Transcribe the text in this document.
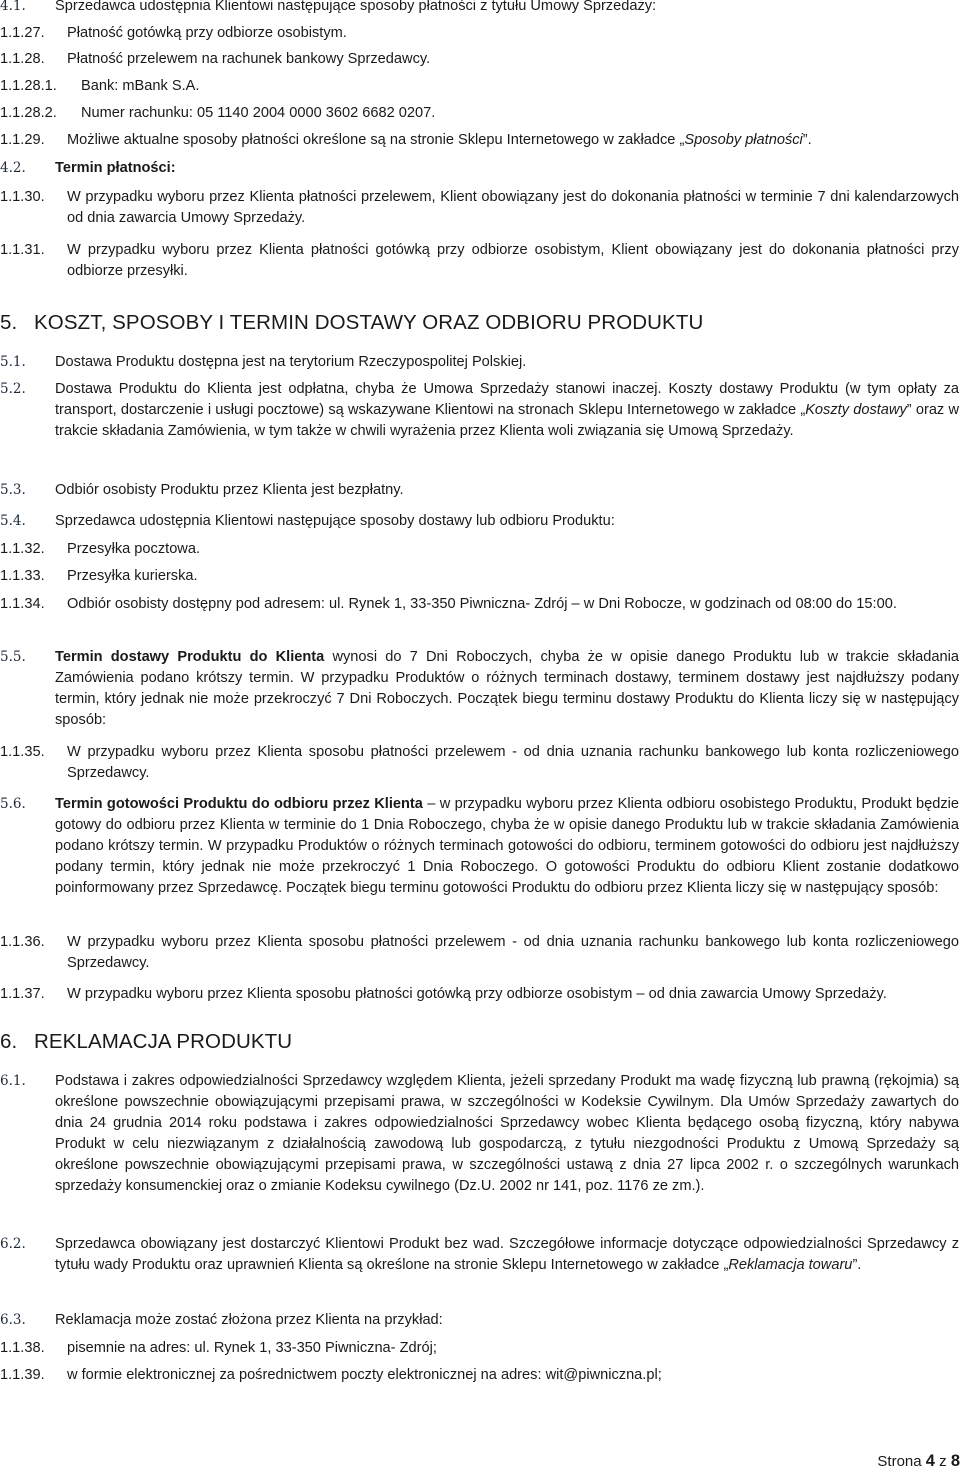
4.1. Sprzedawca udostępnia Klientowi następujące sposoby płatności z tytułu Umowy Sprzedaży:
1.1.27. Płatność gotówką przy odbiorze osobistym.
1.1.28. Płatność przelewem na rachunek bankowy Sprzedawcy.
1.1.28.1. Bank: mBank S.A.
1.1.28.2. Numer rachunku: 05 1140 2004 0000 3602 6682 0207.
1.1.29. Możliwe aktualne sposoby płatności określone są na stronie Sklepu Internetowego w zakładce „Sposoby płatności”.
4.2. Termin płatności:
1.1.30. W przypadku wyboru przez Klienta płatności przelewem, Klient obowiązany jest do dokonania płatności w terminie 7 dni kalendarzowych od dnia zawarcia Umowy Sprzedaży.
1.1.31. W przypadku wyboru przez Klienta płatności gotówką przy odbiorze osobistym, Klient obowiązany jest do dokonania płatności przy odbiorze przesyłki.
5. KOSZT, SPOSOBY I TERMIN DOSTAWY ORAZ ODBIORU PRODUKTU
5.1. Dostawa Produktu dostępna jest na terytorium Rzeczypospolitej Polskiej.
5.2. Dostawa Produktu do Klienta jest odpłatna, chyba że Umowa Sprzedaży stanowi inaczej. Koszty dostawy Produktu (w tym opłaty za transport, dostarczenie i usługi pocztowe) są wskazywane Klientowi na stronach Sklepu Internetowego w zakładce „Koszty dostawy” oraz w trakcie składania Zamówienia, w tym także w chwili wyrażenia przez Klienta woli związania się Umową Sprzedaży.
5.3. Odbiór osobisty Produktu przez Klienta jest bezpłatny.
5.4. Sprzedawca udostępnia Klientowi następujące sposoby dostawy lub odbioru Produktu:
1.1.32. Przesyłka pocztowa.
1.1.33. Przesyłka kurierska.
1.1.34. Odbiór osobisty dostępny pod adresem: ul. Rynek 1, 33-350 Piwniczna- Zdrój – w Dni Robocze, w godzinach od 08:00 do 15:00.
5.5. Termin dostawy Produktu do Klienta wynosi do 7 Dni Roboczych, chyba że w opisie danego Produktu lub w trakcie składania Zamówienia podano krótszy termin. W przypadku Produktów o różnych terminach dostawy, terminem dostawy jest najdłuższy podany termin, który jednak nie może przekroczyć 7 Dni Roboczych. Początek biegu terminu dostawy Produktu do Klienta liczy się w następujący sposób:
1.1.35. W przypadku wyboru przez Klienta sposobu płatności przelewem - od dnia uznania rachunku bankowego lub konta rozliczeniowego Sprzedawcy.
5.6. Termin gotowości Produktu do odbioru przez Klienta – w przypadku wyboru przez Klienta odbioru osobistego Produktu, Produkt będzie gotowy do odbioru przez Klienta w terminie do 1 Dnia Roboczego, chyba że w opisie danego Produktu lub w trakcie składania Zamówienia podano krótszy termin. W przypadku Produktów o różnych terminach gotowości do odbioru, terminem gotowości do odbioru jest najdłuższy podany termin, który jednak nie może przekroczyć 1 Dnia Roboczego. O gotowości Produktu do odbioru Klient zostanie dodatkowo poinformowany przez Sprzedawcę. Początek biegu terminu gotowości Produktu do odbioru przez Klienta liczy się w następujący sposób:
1.1.36. W przypadku wyboru przez Klienta sposobu płatności przelewem - od dnia uznania rachunku bankowego lub konta rozliczeniowego Sprzedawcy.
1.1.37. W przypadku wyboru przez Klienta sposobu płatności gotówką przy odbiorze osobistym – od dnia zawarcia Umowy Sprzedaży.
6. REKLAMACJA PRODUKTU
6.1. Podstawa i zakres odpowiedzialności Sprzedawcy względem Klienta, jeżeli sprzedany Produkt ma wadę fizyczną lub prawną (rękojmia) są określone powszechnie obowiązującymi przepisami prawa, w szczególności w Kodeksie Cywilnym. Dla Umów Sprzedaży zawartych do dnia 24 grudnia 2014 roku podstawa i zakres odpowiedzialności Sprzedawcy wobec Klienta będącego osobą fizyczną, który nabywa Produkt w celu niezwiązanym z działalnością zawodową lub gospodarczą, z tytułu niezgodności Produktu z Umową Sprzedaży są określone powszechnie obowiązującymi przepisami prawa, w szczególności ustawą z dnia 27 lipca 2002 r. o szczególnych warunkach sprzedaży konsumenckiej oraz o zmianie Kodeksu cywilnego (Dz.U. 2002 nr 141, poz. 1176 ze zm.).
6.2. Sprzedawca obowiązany jest dostarczyć Klientowi Produkt bez wad. Szczegółowe informacje dotyczące odpowiedzialności Sprzedawcy z tytułu wady Produktu oraz uprawnień Klienta są określone na stronie Sklepu Internetowego w zakładce „Reklamacja towaru”.
6.3. Reklamacja może zostać złożona przez Klienta na przykład:
1.1.38. pisemnie na adres: ul. Rynek 1, 33-350 Piwniczna- Zdrój;
1.1.39. w formie elektronicznej za pośrednictwem poczty elektronicznej na adres: wit@piwniczna.pl;
Strona 4 z 8
